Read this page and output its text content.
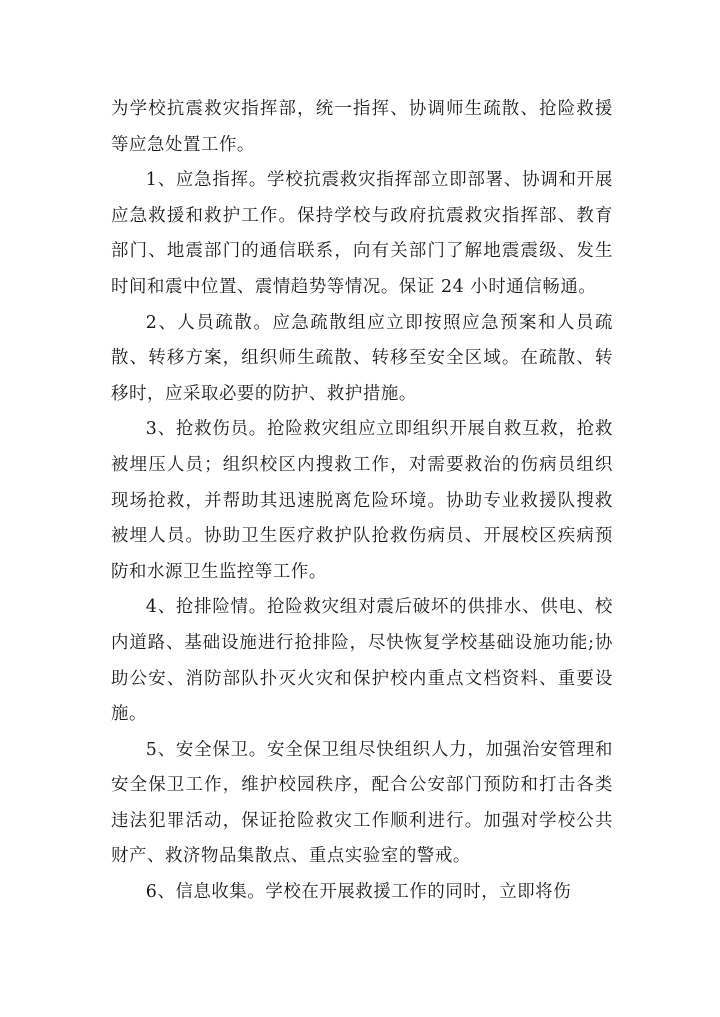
为学校抗震救灾指挥部，统一指挥、协调师生疏散、抢险救援等应急处置工作。

1、应急指挥。学校抗震救灾指挥部立即部署、协调和开展应急救援和救护工作。保持学校与政府抗震救灾指挥部、教育部门、地震部门的通信联系，向有关部门了解地震震级、发生时间和震中位置、震情趋势等情况。保证 24 小时通信畅通。

2、人员疏散。应急疏散组应立即按照应急预案和人员疏散、转移方案，组织师生疏散、转移至安全区域。在疏散、转移时，应采取必要的防护、救护措施。

3、抢救伤员。抢险救灾组应立即组织开展自救互救，抢救被埋压人员；组织校区内搜救工作，对需要救治的伤病员组织现场抢救，并帮助其迅速脱离危险环境。协助专业救援队搜救被埋人员。协助卫生医疗救护队抢救伤病员、开展校区疾病预防和水源卫生监控等工作。

4、抢排险情。抢险救灾组对震后破坏的供排水、供电、校内道路、基础设施进行抢排险，尽快恢复学校基础设施功能;协助公安、消防部队扑灭火灾和保护校内重点文档资料、重要设施。

5、安全保卫。安全保卫组尽快组织人力，加强治安管理和安全保卫工作，维护校园秩序，配合公安部门预防和打击各类违法犯罪活动，保证抢险救灾工作顺利进行。加强对学校公共财产、救济物品集散点、重点实验室的警戒。

6、信息收集。学校在开展救援工作的同时，立即将伤
